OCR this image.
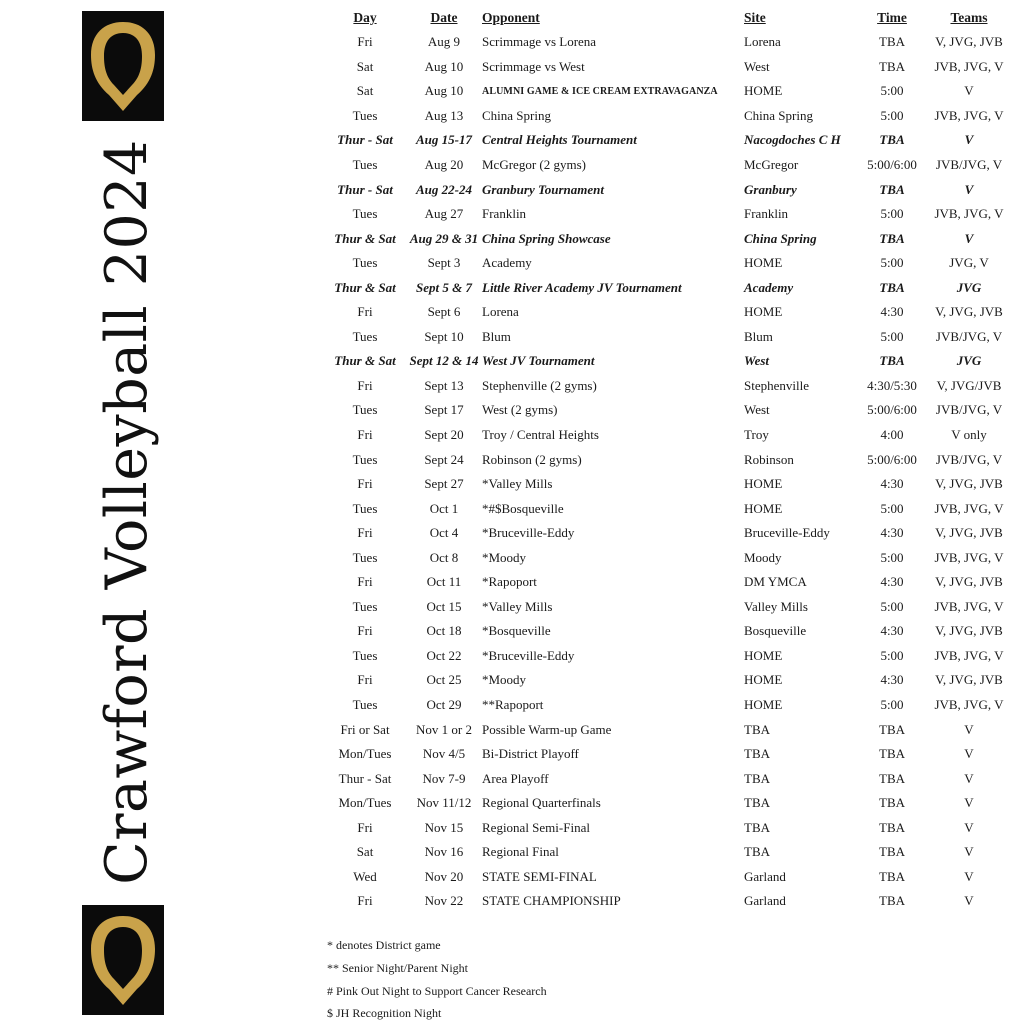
Crawford Volleyball 2024
Day	Date	Opponent	Site	Time	Teams
Fri	Aug 9	Scrimmage vs Lorena	Lorena	TBA	V, JVG, JVB
Sat	Aug 10	Scrimmage vs West	West	TBA	JVB, JVG, V
Sat	Aug 10	ALUMNI GAME & ICE CREAM EXTRAVAGANZA	HOME	5:00	V
Tues	Aug 13	China Spring	China Spring	5:00	JVB, JVG, V
Thur - Sat	Aug 15-17	Central Heights Tournament	Nacogdoches C H	TBA	V
Tues	Aug 20	McGregor (2 gyms)	McGregor	5:00/6:00	JVB/JVG, V
Thur - Sat	Aug 22-24	Granbury Tournament	Granbury	TBA	V
Tues	Aug 27	Franklin	Franklin	5:00	JVB, JVG, V
Thur & Sat	Aug 29 & 31	China Spring Showcase	China Spring	TBA	V
Tues	Sept 3	Academy	HOME	5:00	JVG, V
Thur & Sat	Sept 5 & 7	Little River Academy JV Tournament	Academy	TBA	JVG
Fri	Sept 6	Lorena	HOME	4:30	V, JVG, JVB
Tues	Sept 10	Blum	Blum	5:00	JVB/JVG, V
Thur & Sat	Sept 12 & 14	West JV Tournament	West	TBA	JVG
Fri	Sept 13	Stephenville (2 gyms)	Stephenville	4:30/5:30	V, JVG/JVB
Tues	Sept 17	West (2 gyms)	West	5:00/6:00	JVB/JVG, V
Fri	Sept 20	Troy / Central Heights	Troy	4:00	V only
Tues	Sept 24	Robinson (2 gyms)	Robinson	5:00/6:00	JVB/JVG, V
Fri	Sept 27	*Valley Mills	HOME	4:30	V, JVG, JVB
Tues	Oct 1	*#$Bosqueville	HOME	5:00	JVB, JVG, V
Fri	Oct 4	*Bruceville-Eddy	Bruceville-Eddy	4:30	V, JVG, JVB
Tues	Oct 8	*Moody	Moody	5:00	JVB, JVG, V
Fri	Oct 11	*Rapoport	DM YMCA	4:30	V, JVG, JVB
Tues	Oct 15	*Valley Mills	Valley Mills	5:00	JVB, JVG, V
Fri	Oct 18	*Bosqueville	Bosqueville	4:30	V, JVG, JVB
Tues	Oct 22	*Bruceville-Eddy	HOME	5:00	JVB, JVG, V
Fri	Oct 25	*Moody	HOME	4:30	V, JVG, JVB
Tues	Oct 29	**Rapoport	HOME	5:00	JVB, JVG, V
Fri or Sat	Nov 1 or 2	Possible Warm-up Game	TBA	TBA	V
Mon/Tues	Nov 4/5	Bi-District Playoff	TBA	TBA	V
Thur - Sat	Nov 7-9	Area Playoff	TBA	TBA	V
Mon/Tues	Nov 11/12	Regional Quarterfinals	TBA	TBA	V
Fri	Nov 15	Regional Semi-Final	TBA	TBA	V
Sat	Nov 16	Regional Final	TBA	TBA	V
Wed	Nov 20	STATE SEMI-FINAL	Garland	TBA	V
Fri	Nov 22	STATE CHAMPIONSHIP	Garland	TBA	V
* denotes District game
** Senior Night/Parent Night
# Pink Out Night to Support Cancer Research
$ JH Recognition Night
